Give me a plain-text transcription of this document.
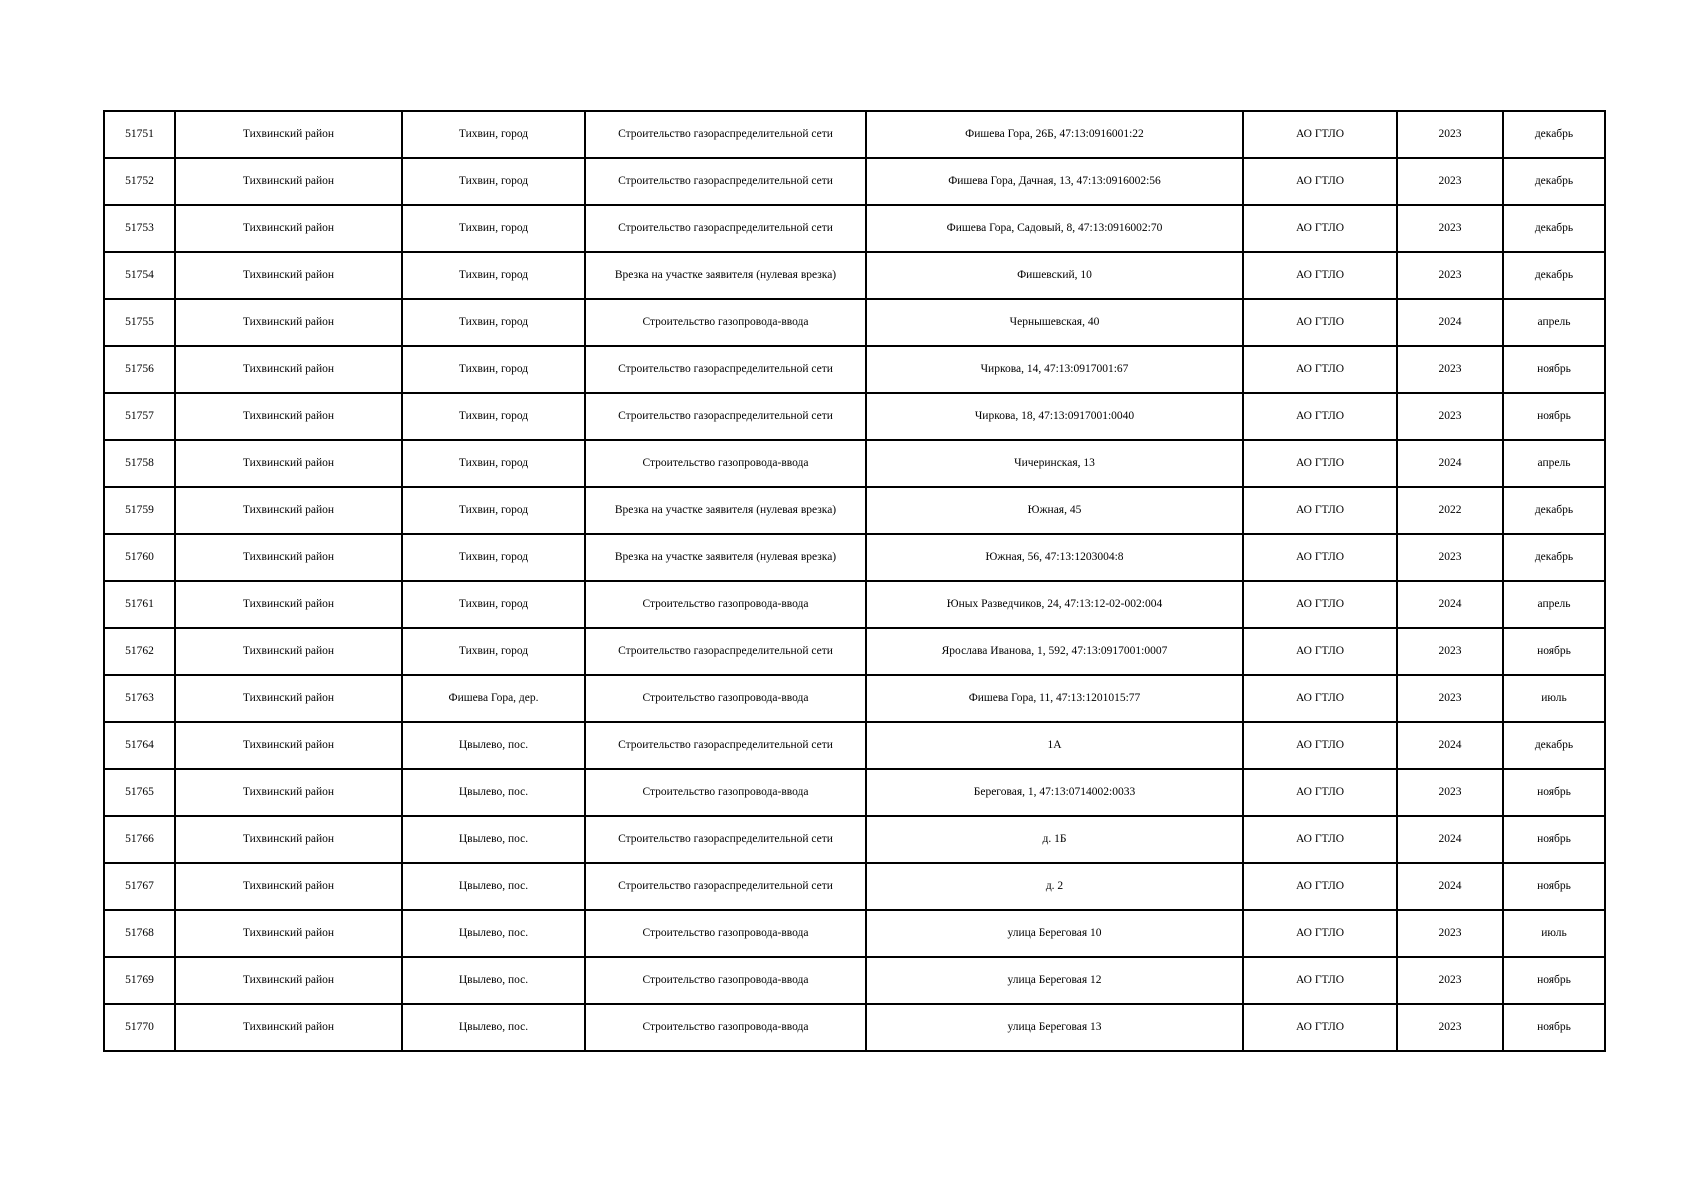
51751	Тихвинский район	Тихвин, город	Строительство газораспределительной сети	Фишева Гора, 26Б, 47:13:0916001:22	АО ГТЛО	2023	декабрь
51752	Тихвинский район	Тихвин, город	Строительство газораспределительной сети	Фишева Гора, Дачная, 13, 47:13:0916002:56	АО ГТЛО	2023	декабрь
51753	Тихвинский район	Тихвин, город	Строительство газораспределительной сети	Фишева Гора, Садовый, 8, 47:13:0916002:70	АО ГТЛО	2023	декабрь
51754	Тихвинский район	Тихвин, город	Врезка на участке заявителя (нулевая врезка)	Фишевский, 10	АО ГТЛО	2023	декабрь
51755	Тихвинский район	Тихвин, город	Строительство газопровода-ввода	Чернышевская, 40	АО ГТЛО	2024	апрель
51756	Тихвинский район	Тихвин, город	Строительство газораспределительной сети	Чиркова, 14, 47:13:0917001:67	АО ГТЛО	2023	ноябрь
51757	Тихвинский район	Тихвин, город	Строительство газораспределительной сети	Чиркова, 18, 47:13:0917001:0040	АО ГТЛО	2023	ноябрь
51758	Тихвинский район	Тихвин, город	Строительство газопровода-ввода	Чичеринская, 13	АО ГТЛО	2024	апрель
51759	Тихвинский район	Тихвин, город	Врезка на участке заявителя (нулевая врезка)	Южная, 45	АО ГТЛО	2022	декабрь
51760	Тихвинский район	Тихвин, город	Врезка на участке заявителя (нулевая врезка)	Южная, 56, 47:13:1203004:8	АО ГТЛО	2023	декабрь
51761	Тихвинский район	Тихвин, город	Строительство газопровода-ввода	Юных Разведчиков, 24, 47:13:12-02-002:004	АО ГТЛО	2024	апрель
51762	Тихвинский район	Тихвин, город	Строительство газораспределительной сети	Ярослава Иванова, 1, 592, 47:13:0917001:0007	АО ГТЛО	2023	ноябрь
51763	Тихвинский район	Фишева Гора, дер.	Строительство газопровода-ввода	Фишева Гора, 11, 47:13:1201015:77	АО ГТЛО	2023	июль
51764	Тихвинский район	Цвылево, пос.	Строительство газораспределительной сети	1А	АО ГТЛО	2024	декабрь
51765	Тихвинский район	Цвылево, пос.	Строительство газопровода-ввода	Береговая, 1, 47:13:0714002:0033	АО ГТЛО	2023	ноябрь
51766	Тихвинский район	Цвылево, пос.	Строительство газораспределительной сети	д. 1Б	АО ГТЛО	2024	ноябрь
51767	Тихвинский район	Цвылево, пос.	Строительство газораспределительной сети	д. 2	АО ГТЛО	2024	ноябрь
51768	Тихвинский район	Цвылево, пос.	Строительство газопровода-ввода	улица Береговая 10	АО ГТЛО	2023	июль
51769	Тихвинский район	Цвылево, пос.	Строительство газопровода-ввода	улица Береговая 12	АО ГТЛО	2023	ноябрь
51770	Тихвинский район	Цвылево, пос.	Строительство газопровода-ввода	улица Береговая 13	АО ГТЛО	2023	ноябрь
